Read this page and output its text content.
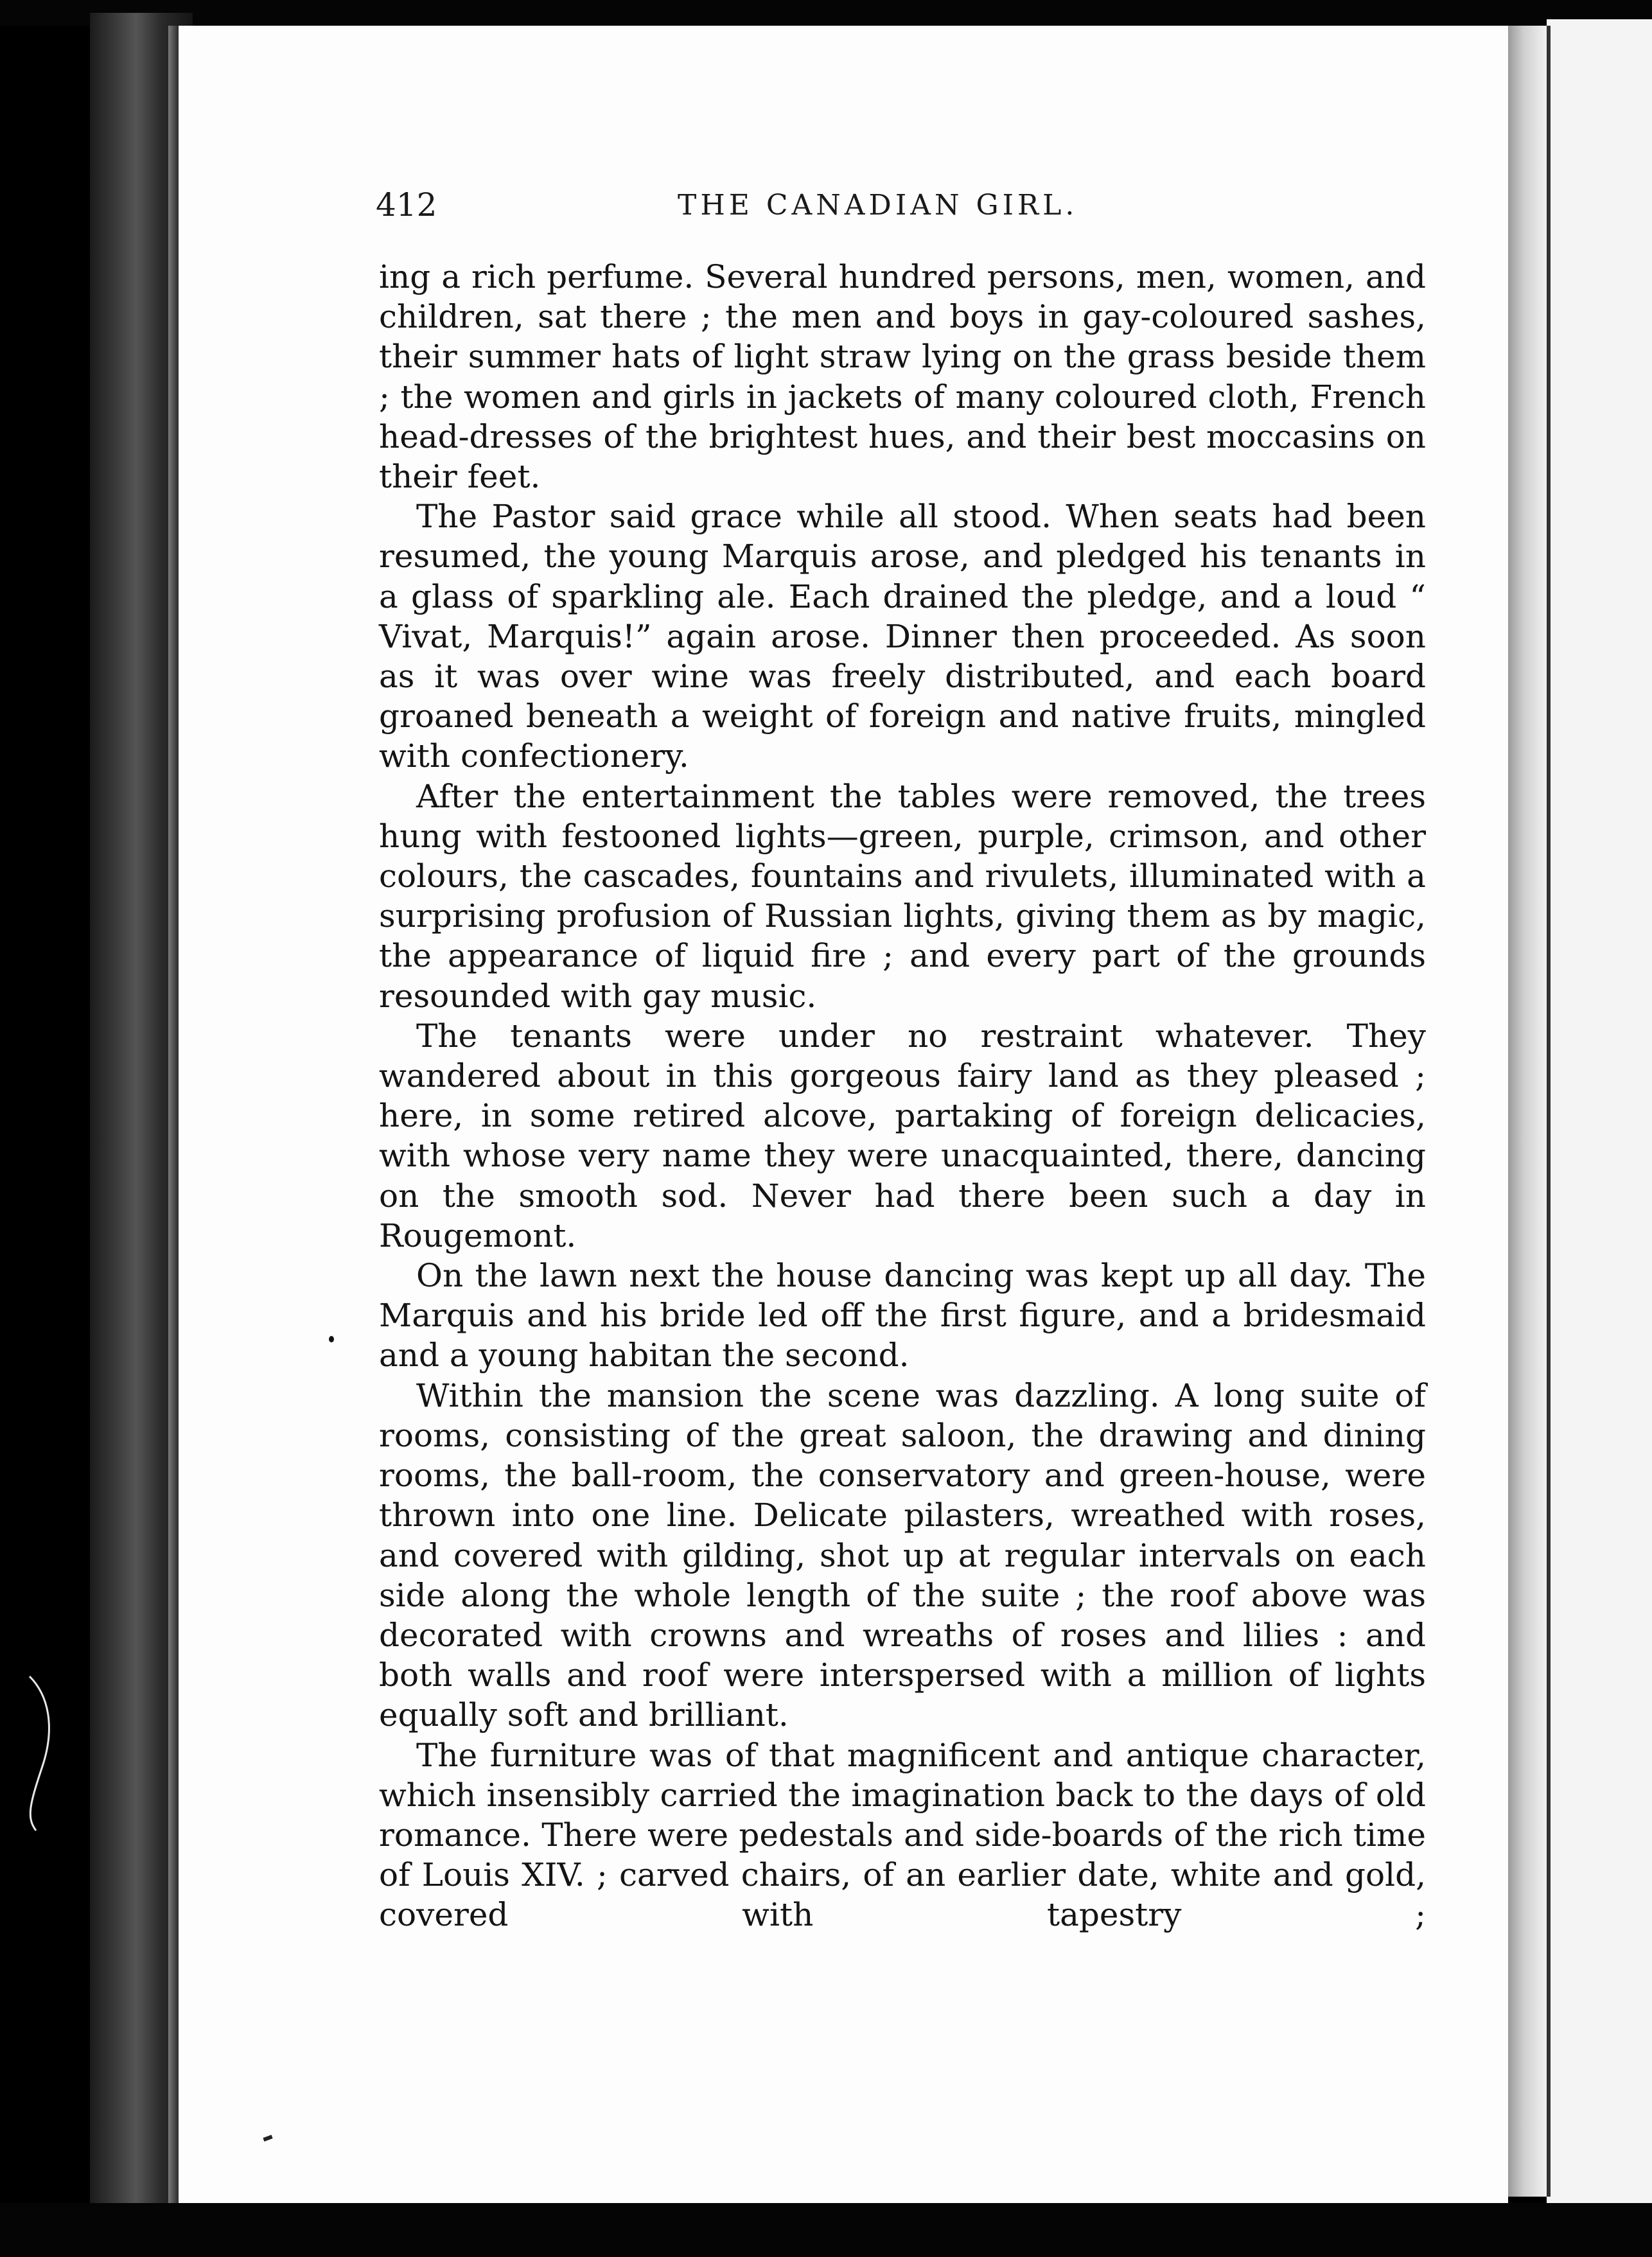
412	THE CANADIAN GIRL.

ing a rich perfume. Several hundred persons, men, women, and children, sat there ; the men and boys in gay-coloured sashes, their summer hats of light straw lying on the grass beside them ; the women and girls in jackets of many coloured cloth, French head-dresses of the brightest hues, and their best moccasins on their feet.

The Pastor said grace while all stood. When seats had been resumed, the young Marquis arose, and pledged his tenants in a glass of sparkling ale. Each drained the pledge, and a loud “ Vivat, Marquis!” again arose. Dinner then proceeded. As soon as it was over wine was freely distributed, and each board groaned beneath a weight of foreign and native fruits, mingled with confectionery.

After the entertainment the tables were removed, the trees hung with festooned lights—green, purple, crimson, and other colours, the cascades, fountains and rivulets, illuminated with a surprising profusion of Russian lights, giving them as by magic, the appearance of liquid fire ; and every part of the grounds resounded with gay music.

The tenants were under no restraint whatever. They wandered about in this gorgeous fairy land as they pleased ; here, in some retired alcove, partaking of foreign delicacies, with whose very name they were unacquainted, there, dancing on the smooth sod. Never had there been such a day in Rougemont.

On the lawn next the house dancing was kept up all day. The Marquis and his bride led off the first figure, and a bridesmaid and a young habitan the second.

Within the mansion the scene was dazzling. A long suite of rooms, consisting of the great saloon, the drawing and dining rooms, the ball-room, the conservatory and green-house, were thrown into one line. Delicate pilasters, wreathed with roses, and covered with gilding, shot up at regular intervals on each side along the whole length of the suite ; the roof above was decorated with crowns and wreaths of roses and lilies : and both walls and roof were interspersed with a million of lights equally soft and brilliant.

The furniture was of that magnificent and antique character, which insensibly carried the imagination back to the days of old romance. There were pedestals and side-boards of the rich time of Louis XIV. ; carved chairs, of an earlier date, white and gold, covered with tapestry ;
